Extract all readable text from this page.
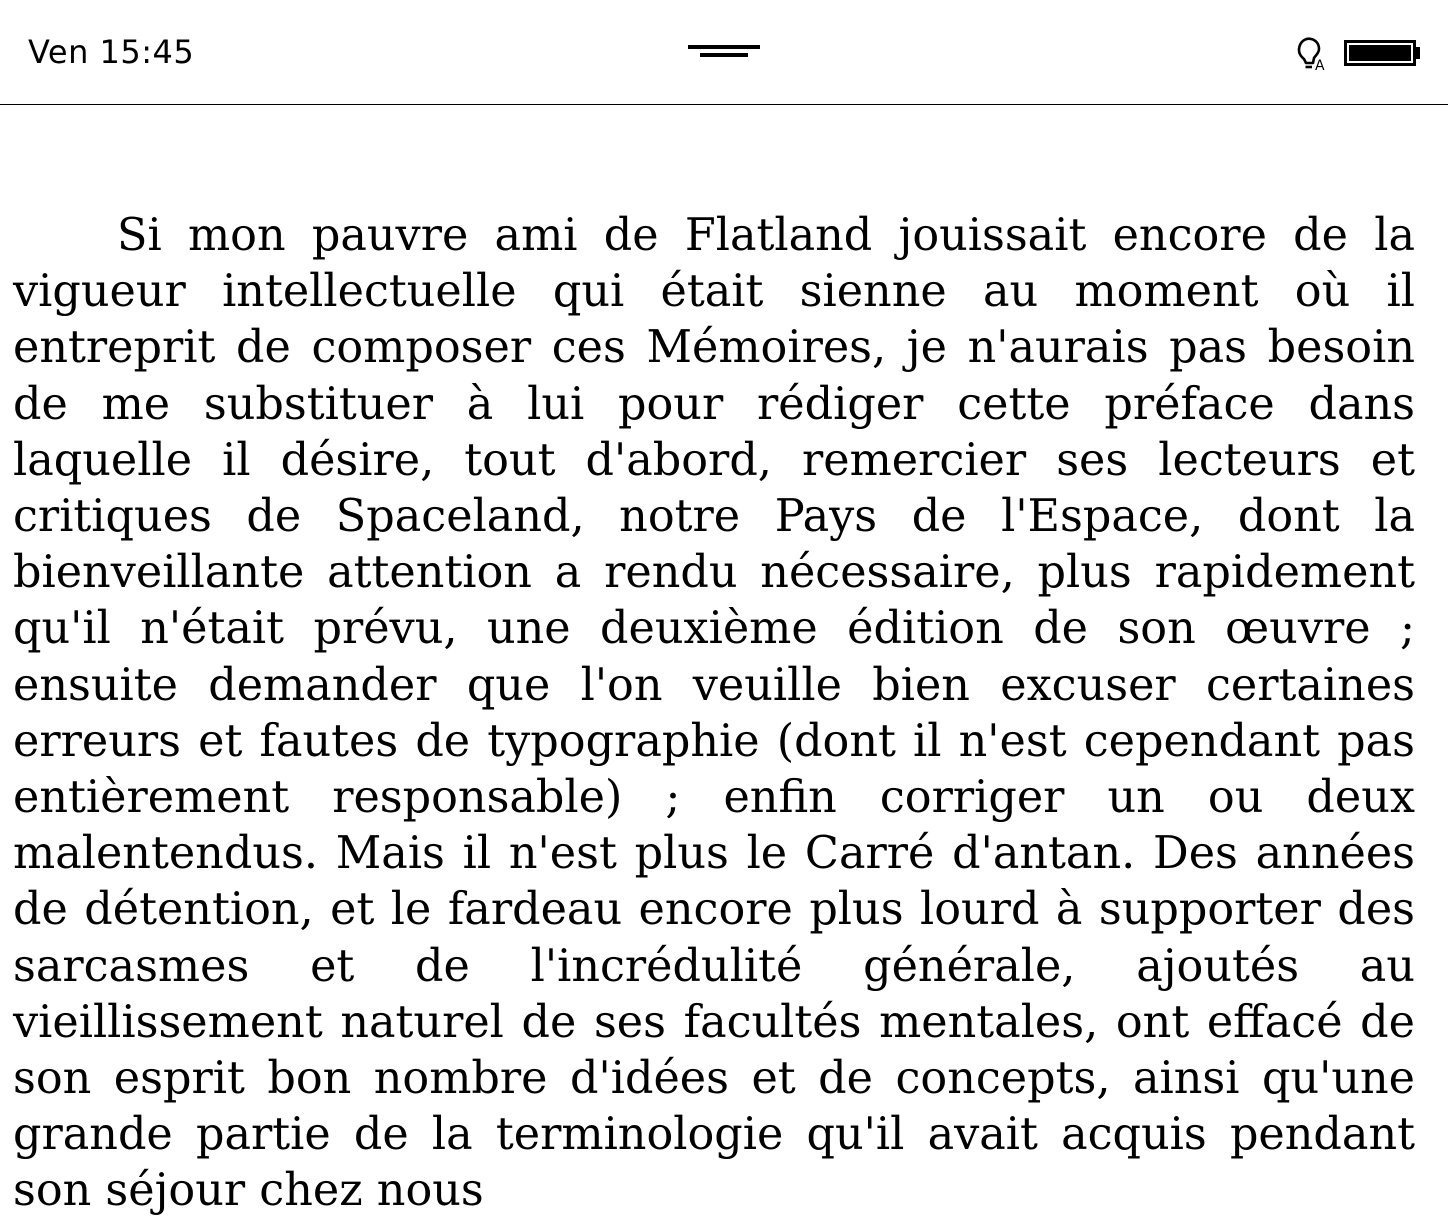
Ven 15:45	A

Si mon pauvre ami de Flatland jouissait encore de la vigueur intellectuelle qui était sienne au moment où il entreprit de composer ces Mémoires, je n'aurais pas besoin de me substituer à lui pour rédiger cette préface dans laquelle il désire, tout d'abord, remercier ses lecteurs et critiques de Spaceland, notre Pays de l'Espace, dont la bienveillante attention a rendu nécessaire, plus rapidement qu'il n'était prévu, une deuxième édition de son œuvre ; ensuite demander que l'on veuille bien excuser certaines erreurs et fautes de typographie (dont il n'est cependant pas entièrement responsable) ; enfin corriger un ou deux malentendus. Mais il n'est plus le Carré d'antan. Des années de détention, et le fardeau encore plus lourd à supporter des sarcasmes et de l'incrédulité générale, ajoutés au vieillissement naturel de ses facultés mentales, ont effacé de son esprit bon nombre d'idées et de concepts, ainsi qu'une grande partie de la terminologie qu'il avait acquis pendant son séjour chez nous
